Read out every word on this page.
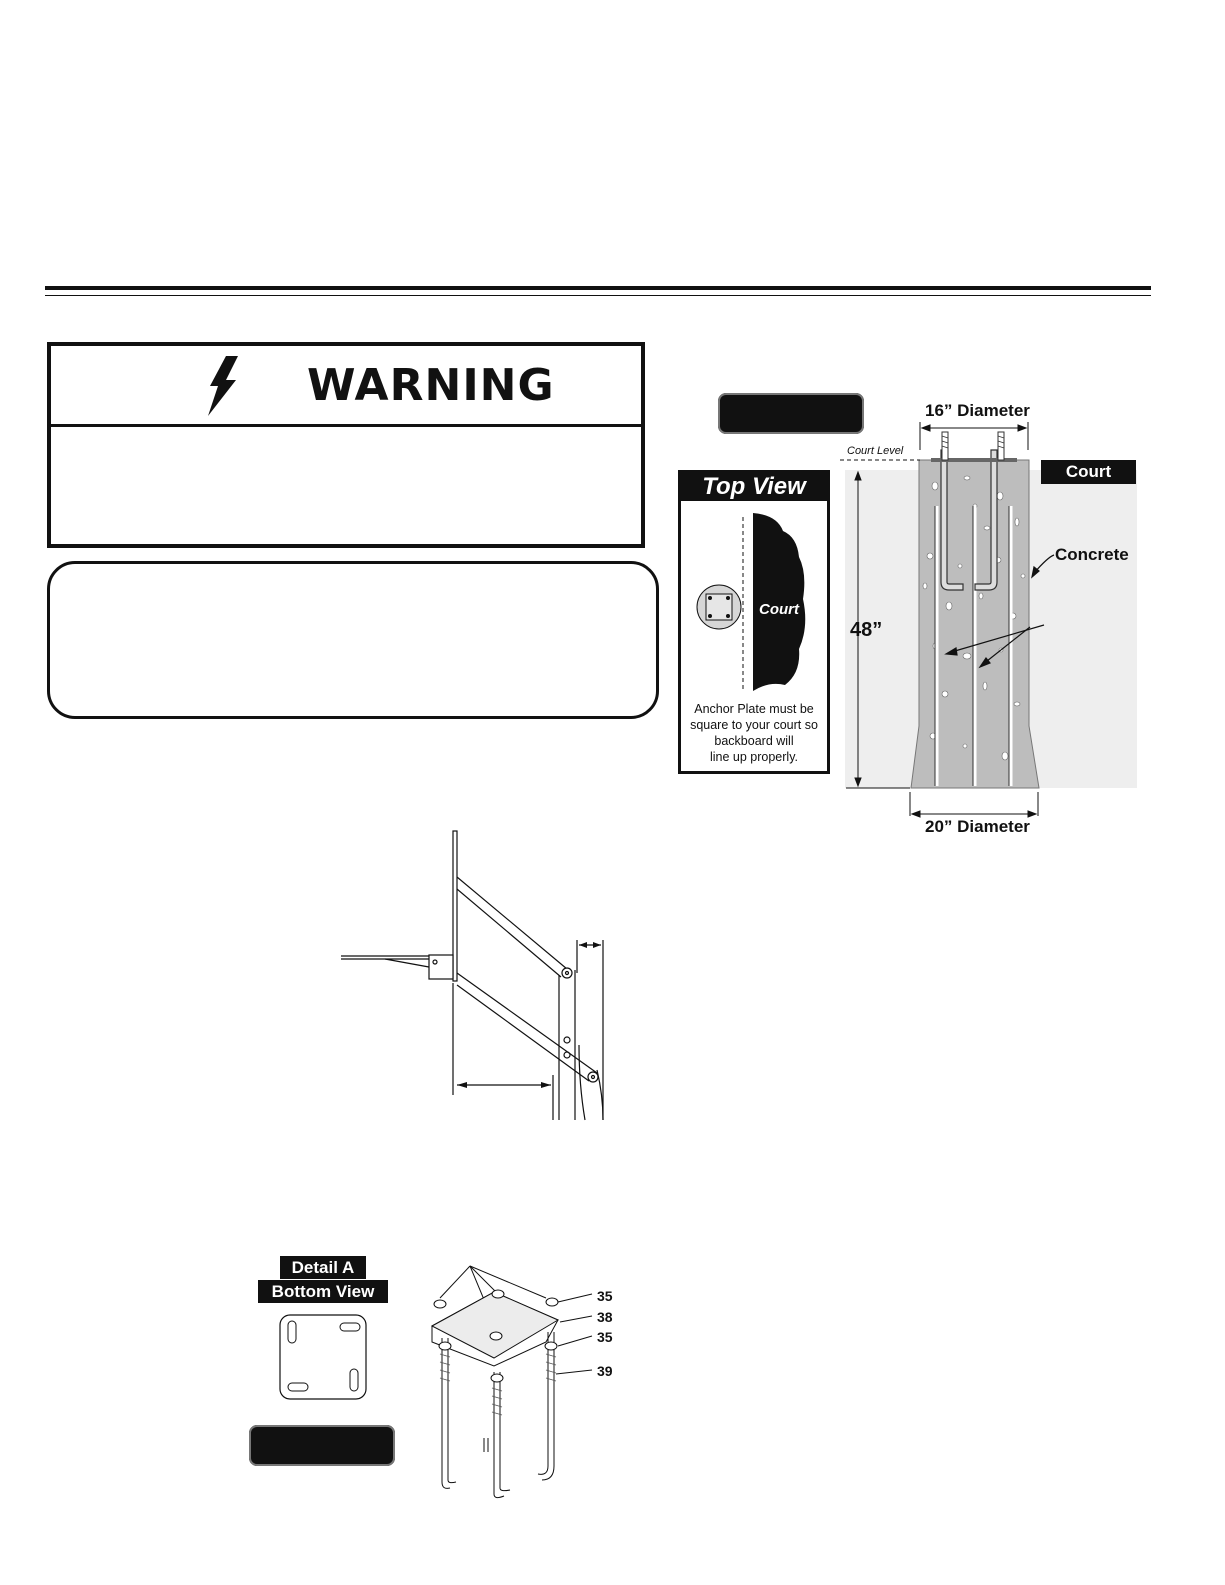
WARNING	16” Diameter
Court Level
Court
Concrete
48”
20” Diameter
Top View
Court
Anchor Plate must be
square to your court so
backboard will
line up properly.
Detail A
Bottom View	35
38
35
39
